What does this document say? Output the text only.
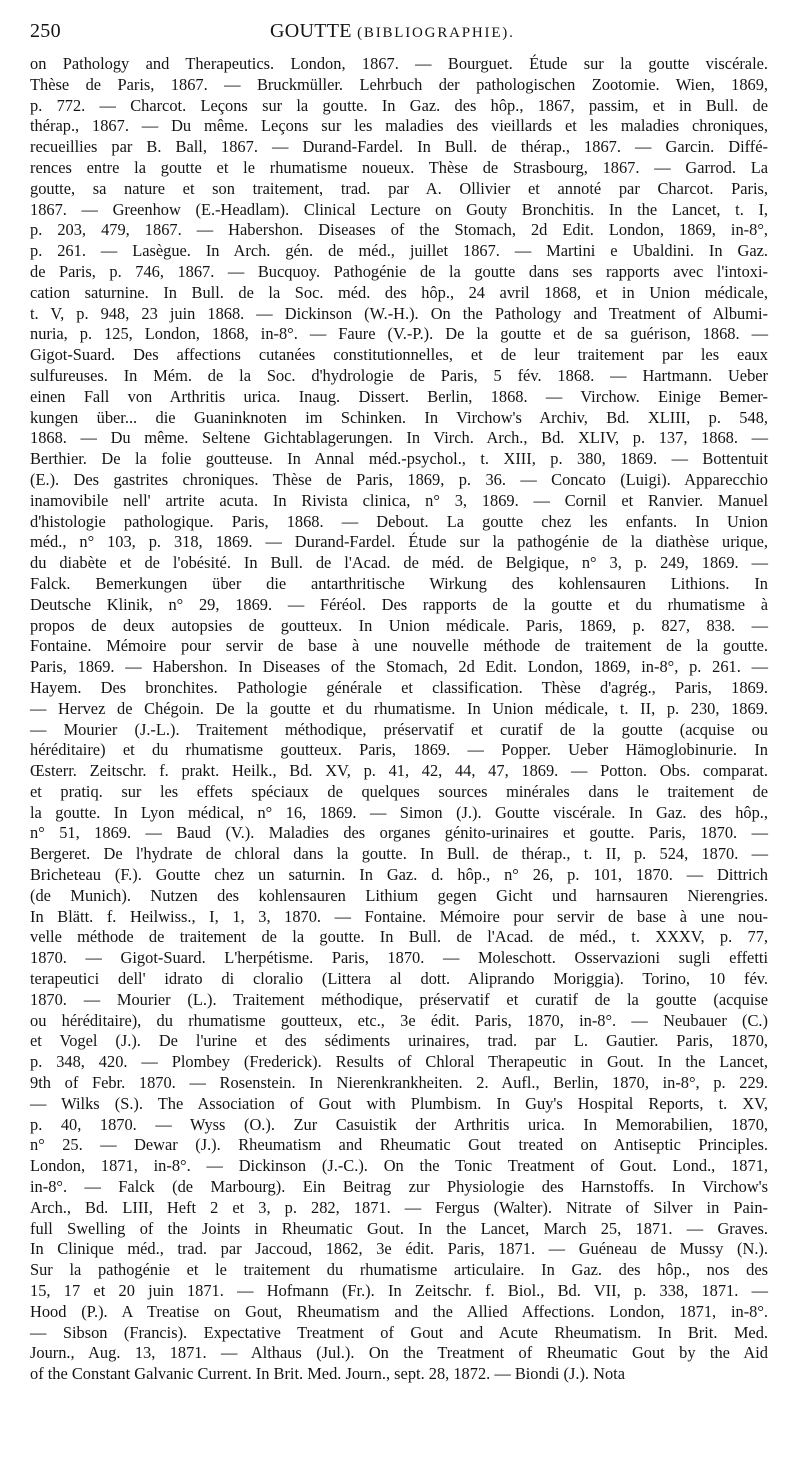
250	GOUTTE
(BIBLIOGRAPHIE).
on Pathology and Therapeutics. London, 1867. — Bourguet. Étude sur la goutte viscérale.
Thèse de Paris, 1867. — Bruckmüller. Lehrbuch der pathologischen Zootomie. Wien, 1869,
p. 772. — Charcot. Leçons sur la goutte. In Gaz. des hôp., 1867, passim, et in Bull. de
thérap., 1867. — Du même. Leçons sur les maladies des vieillards et les maladies chroniques,
recueillies par B. Ball, 1867. — Durand-Fardel. In Bull. de thérap., 1867. — Garcin. Diffé-
rences entre la goutte et le rhumatisme noueux. Thèse de Strasbourg, 1867. — Garrod. La
goutte, sa nature et son traitement, trad. par A. Ollivier et annoté par Charcot. Paris,
1867. — Greenhow (E.-Headlam). Clinical Lecture on Gouty Bronchitis. In the Lancet, t. I,
p. 203, 479, 1867. — Habershon. Diseases of the Stomach, 2d Edit. London, 1869, in-8°,
p. 261. — Lasègue. In Arch. gén. de méd., juillet 1867. — Martini e Ubaldini. In Gaz.
de Paris, p. 746, 1867. — Bucquoy. Pathogénie de la goutte dans ses rapports avec l'intoxi-
cation saturnine. In Bull. de la Soc. méd. des hôp., 24 avril 1868, et in Union médicale,
t. V, p. 948, 23 juin 1868. — Dickinson (W.-H.). On the Pathology and Treatment of Albumi-
nuria, p. 125, London, 1868, in-8°. — Faure (V.-P.). De la goutte et de sa guérison, 1868. —
Gigot-Suard. Des affections cutanées constitutionnelles, et de leur traitement par les eaux
sulfureuses. In Mém. de la Soc. d'hydrologie de Paris, 5 fév. 1868. — Hartmann. Ueber
einen Fall von Arthritis urica. Inaug. Dissert. Berlin, 1868. — Virchow. Einige Bemer-
kungen über... die Guaninknoten im Schinken. In Virchow's Archiv, Bd. XLIII, p. 548,
1868. — Du même. Seltene Gichtablagerungen. In Virch. Arch., Bd. XLIV, p. 137, 1868. —
Berthier. De la folie goutteuse. In Annal méd.-psychol., t. XIII, p. 380, 1869. — Bottentuit
(E.). Des gastrites chroniques. Thèse de Paris, 1869, p. 36. — Concato (Luigi). Apparecchio
inamovibile nell' artrite acuta. In Rivista clinica, n° 3, 1869. — Cornil et Ranvier. Manuel
d'histologie pathologique. Paris, 1868. — Debout. La goutte chez les enfants. In Union
méd., n° 103, p. 318, 1869. — Durand-Fardel. Étude sur la pathogénie de la diathèse urique,
du diabète et de l'obésité. In Bull. de l'Acad. de méd. de Belgique, n° 3, p. 249, 1869. —
Falck. Bemerkungen über die antarthritische Wirkung des kohlensauren Lithions. In
Deutsche Klinik, n° 29, 1869. — Féréol. Des rapports de la goutte et du rhumatisme à
propos de deux autopsies de goutteux. In Union médicale. Paris, 1869, p. 827, 838. —
Fontaine. Mémoire pour servir de base à une nouvelle méthode de traitement de la goutte.
Paris, 1869. — Habershon. In Diseases of the Stomach, 2d Edit. London, 1869, in-8°, p. 261. —
Hayem. Des bronchites. Pathologie générale et classification. Thèse d'agrég., Paris, 1869.
— Hervez de Chégoin. De la goutte et du rhumatisme. In Union médicale, t. II, p. 230, 1869.
— Mourier (J.-L.). Traitement méthodique, préservatif et curatif de la goutte (acquise ou
héréditaire) et du rhumatisme goutteux. Paris, 1869. — Popper. Ueber Hämoglobinurie. In
Œsterr. Zeitschr. f. prakt. Heilk., Bd. XV, p. 41, 42, 44, 47, 1869. — Potton. Obs. comparat.
et pratiq. sur les effets spéciaux de quelques sources minérales dans le traitement de
la goutte. In Lyon médical, n° 16, 1869. — Simon (J.). Goutte viscérale. In Gaz. des hôp.,
n° 51, 1869. — Baud (V.). Maladies des organes génito-urinaires et goutte. Paris, 1870. —
Bergeret. De l'hydrate de chloral dans la goutte. In Bull. de thérap., t. II, p. 524, 1870. —
Bricheteau (F.). Goutte chez un saturnin. In Gaz. d. hôp., n° 26, p. 101, 1870. — Dittrich
(de Munich). Nutzen des kohlensauren Lithium gegen Gicht und harnsauren Nierengries.
In Blätt. f. Heilwiss., I, 1, 3, 1870. — Fontaine. Mémoire pour servir de base à une nou-
velle méthode de traitement de la goutte. In Bull. de l'Acad. de méd., t. XXXV, p. 77,
1870. — Gigot-Suard. L'herpétisme. Paris, 1870. — Moleschott. Osservazioni sugli effetti
terapeutici dell' idrato di cloralio (Littera al dott. Aliprando Moriggia). Torino, 10 fév.
1870. — Mourier (L.). Traitement méthodique, préservatif et curatif de la goutte (acquise
ou héréditaire), du rhumatisme goutteux, etc., 3e édit. Paris, 1870, in-8°. — Neubauer (C.)
et Vogel (J.). De l'urine et des sédiments urinaires, trad. par L. Gautier. Paris, 1870,
p. 348, 420. — Plombey (Frederick). Results of Chloral Therapeutic in Gout. In the Lancet,
9th of Febr. 1870. — Rosenstein. In Nierenkrankheiten. 2. Aufl., Berlin, 1870, in-8°, p. 229.
— Wilks (S.). The Association of Gout with Plumbism. In Guy's Hospital Reports, t. XV,
p. 40, 1870. — Wyss (O.). Zur Casuistik der Arthritis urica. In Memorabilien, 1870,
n° 25. — Dewar (J.). Rheumatism and Rheumatic Gout treated on Antiseptic Principles.
London, 1871, in-8°. — Dickinson (J.-C.). On the Tonic Treatment of Gout. Lond., 1871,
in-8°. — Falck (de Marbourg). Ein Beitrag zur Physiologie des Harnstoffs. In Virchow's
Arch., Bd. LIII, Heft 2 et 3, p. 282, 1871. — Fergus (Walter). Nitrate of Silver in Pain-
full Swelling of the Joints in Rheumatic Gout. In the Lancet, March 25, 1871. — Graves.
In Clinique méd., trad. par Jaccoud, 1862, 3e édit. Paris, 1871. — Guéneau de Mussy (N.).
Sur la pathogénie et le traitement du rhumatisme articulaire. In Gaz. des hôp., nos des
15, 17 et 20 juin 1871. — Hofmann (Fr.). In Zeitschr. f. Biol., Bd. VII, p. 338, 1871. —
Hood (P.). A Treatise on Gout, Rheumatism and the Allied Affections. London, 1871, in-8°.
— Sibson (Francis). Expectative Treatment of Gout and Acute Rheumatism. In Brit. Med.
Journ., Aug. 13, 1871. — Althaus (Jul.). On the Treatment of Rheumatic Gout by the Aid
of the Constant Galvanic Current. In Brit. Med. Journ., sept. 28, 1872. — Biondi (J.). Nota
